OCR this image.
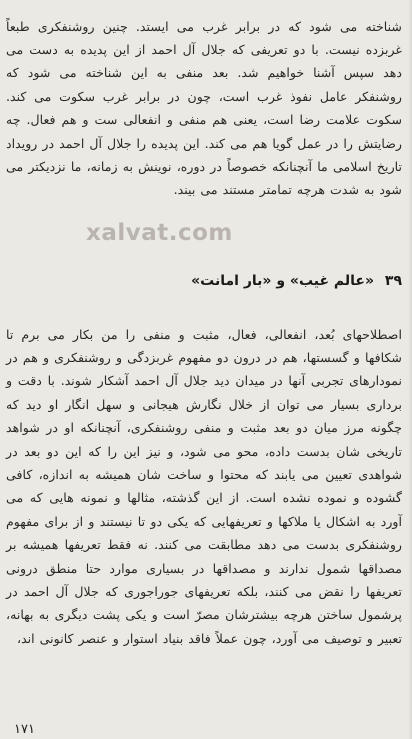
شناخته می شود که در برابر غرب می ایستد. چنین روشنفکری طبعاً غربزده نیست. با دو تعریفی که جلال آل احمد از این پدیده به دست می دهد سپس آشنا خواهیم شد. بعد منفی به این شناخته می شود که روشنفکر عامل نفوذ غرب است، چون در برابر غرب سکوت می کند. سکوت علامت رضا است، یعنی هم منفی و انفعالی ست و هم فعال. چه رضایتش را در عمل گویا هم می کند. این پدیده را جلال آل احمد در رویداد تاریخ اسلامی ما آنچنانکه خصوصاً در دوره، نوینش به زمانه، ما نزدیکتر می شود به شدت هرچه تمامتر مستند می بیند.

xalvat.com
۳۹ «عالم غیب» و «بار امانت»

اصطلاحهای بُعد، انفعالی، فعال، مثبت و منفی را من بکار می برم تا شکافها و گسستها، هم در درون دو مفهوم غربزدگی و روشنفکری و هم در نمودارهای تجربی آنها در میدان دید جلال آل احمد آشکار شوند. با دقت و برداری بسیار می توان از خلال نگارش هیجانی و سهل انگار او دید که چگونه مرز میان دو بعد مثبت و منفی روشنفکری، آنچنانکه او در شواهد تاریخی شان بدست داده، محو می شود، و نیز این را که این دو بعد در شواهدی تعیین می یابند که محتوا و ساخت شان همیشه به اندازه، کافی گشوده و نموده نشده است. از این گذشته، مثالها و نمونه هایی که می آورد به اشکال یا ملاکها و تعریفهایی که یکی دو تا نیستند و از برای مفهوم روشنفکری بدست می دهد مطابقت می کنند. نه فقط تعریفها همیشه بر مصداقها شمول ندارند و مصداقها در بسیاری موارد حتا منطق درونی تعریفها را نقض می کنند، بلکه تعریفهای جوراجوری که جلال آل احمد در پرشمول ساختن هرچه بیشترشان مصرّ است و یکی پشت دیگری به بهانه، تعبیر و توصیف می آورد، چون عملاً فاقد بنیاد استوار و عنصر کانونی اند،

۱۷۱
